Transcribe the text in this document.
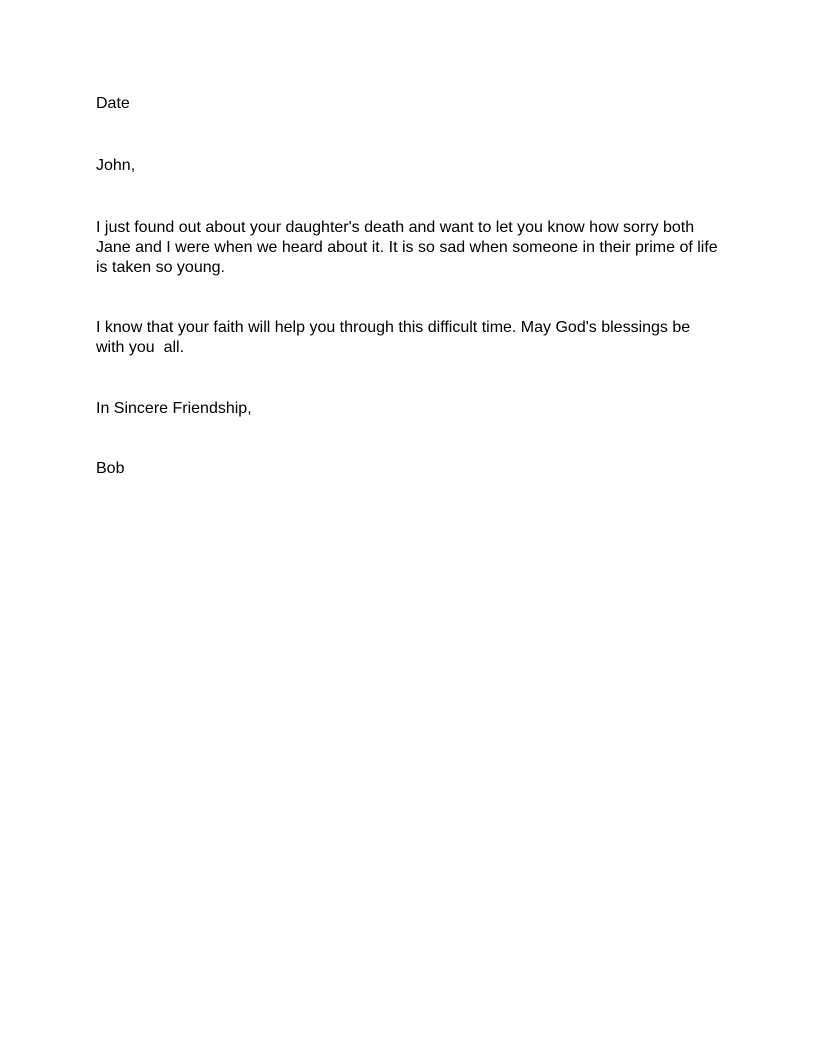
Date

John,

I just found out about your daughter's death and want to let you know how sorry both
Jane and I were when we heard about it. It is so sad when someone in their prime of life
is taken so young.
I know that your faith will help you through this difficult time. May God's blessings be
with you  all.

In Sincere Friendship,

Bob
